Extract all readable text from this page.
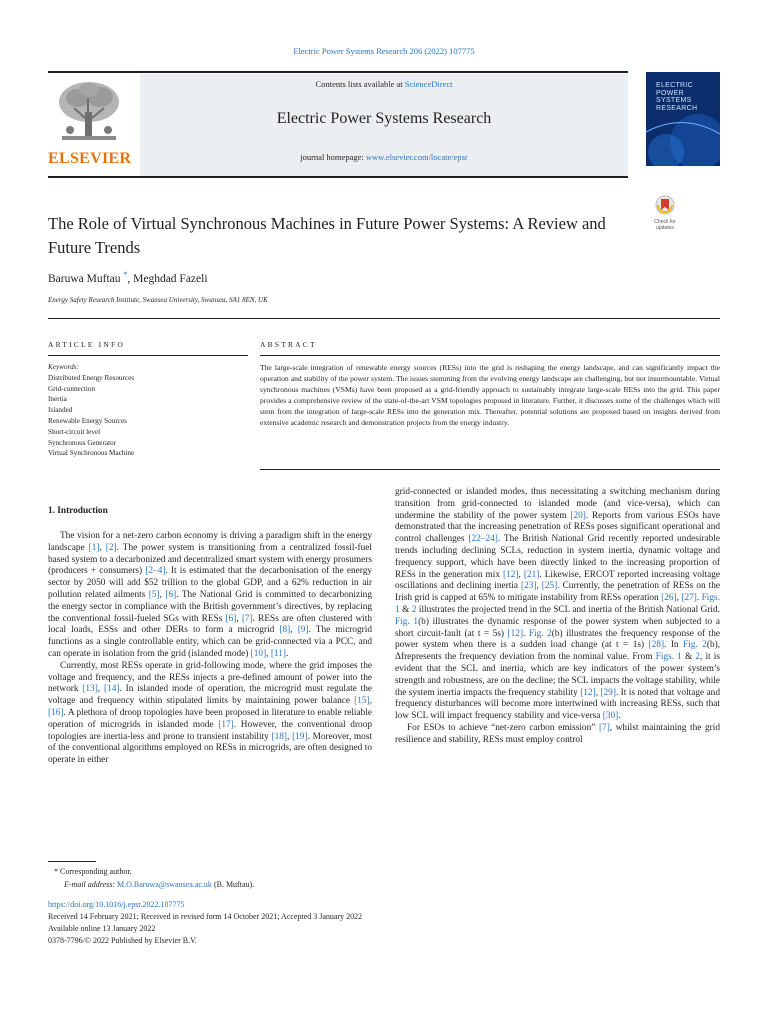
Electric Power Systems Research 206 (2022) 107775
ELSEVIER
Contents lists available at ScienceDirect
Electric Power Systems Research
journal homepage: www.elsevier.com/locate/epsr
ELECTRIC
POWER
SYSTEMS
RESEARCH
Check for
updates
The Role of Virtual Synchronous Machines in Future Power Systems: A Review and Future Trends
Baruwa Muftau *, Meghdad Fazeli
Energy Safety Research Institute, Swansea University, Swansea, SA1 8EN, UK
ARTICLE INFO
Keywords:
Distributed Energy Resources
Grid-connection
Inertia
Islanded
Renewable Energy Sources
Short-circuit level
Synchronous Generator
Virtual Synchronous Machine
ABSTRACT
The large-scale integration of renewable energy sources (RESs) into the grid is reshaping the energy landscape, and can significantly impact the operation and stability of the power system. The issues stemming from the evolving energy landscape are challenging, but not insurmountable. Virtual synchronous machines (VSMs) have been proposed as a grid-friendly approach to sustainably integrate large-scale RESs into the grid. This paper provides a comprehensive review of the state-of-the-art VSM topologies proposed in literature. Further, it discusses some of the challenges which will stem from the integration of large-scale RESs into the generation mix. Thereafter, potential solutions are proposed based on insights derived from extensive academic research and demonstration projects from the energy industry.
1. Introduction

The vision for a net-zero carbon economy is driving a paradigm shift in the energy landscape [1], [2]. The power system is transitioning from a centralized fossil-fuel based system to a decarbonized and decentralized smart system with energy prosumers (producers + consumers) [2–4]. It is estimated that the decarbonisation of the energy sector by 2050 will add $52 trillion to the global GDP, and a 62% reduction in air pollution related ailments [5], [6]. The National Grid is committed to decarbonizing the energy sector in compliance with the British government’s directives, by replacing the conventional fossil-fueled SGs with RESs [6], [7]. RESs are often clustered with local loads, ESSs and other DERs to form a microgrid [8], [9]. The microgrid functions as a single controllable entity, which can be grid-connected via a PCC, and can operate in isolation from the grid (islanded mode) [10], [11].

Currently, most RESs operate in grid-following mode, where the grid imposes the voltage and frequency, and the RESs injects a pre-defined amount of power into the network [13], [14]. In islanded mode of operation, the microgrid must regulate the voltage and frequency within stipulated limits by maintaining power balance [15], [16]. A plethora of droop topologies have been proposed in literature to enable reliable operation of microgrids in islanded mode [17]. However, the conventional droop topologies are inertia-less and prone to transient instability [18], [19]. Moreover, most of the conventional algorithms employed on RESs in microgrids, are often designed to operate in either

grid-connected or islanded modes, thus necessitating a switching mechanism during transition from grid-connected to islanded mode (and vice-versa), which can undermine the stability of the power system [20]. Reports from various ESOs have demonstrated that the increasing penetration of RESs poses significant operational and control challenges [22–24]. The British National Grid recently reported undesirable trends including declining SCLs, reduction in system inertia, dynamic voltage and frequency support, which have been directly linked to the increasing proportion of RESs in the generation mix [12], [21]. Likewise, ERCOT reported increasing voltage oscillations and declining inertia [23], [25]. Currently, the penetration of RESs on the Irish grid is capped at 65% to mitigate instability from RESs operation [26], [27]. Figs. 1 & 2 illustrates the projected trend in the SCL and inertia of the British National Grid. Fig. 1(b) illustrates the dynamic response of the power system when subjected to a short circuit-fault (at t = 5s) [12]. Fig. 2(b) illustrates the frequency response of the power system when there is a sudden load change (at t = 1s) [28]. In Fig. 2(b), Δfrepresents the frequency deviation from the nominal value. From Figs. 1 & 2, it is evident that the SCL and inertia, which are key indicators of the power system’s strength and robustness, are on the decline; the SCL impacts the voltage stability, while the system inertia impacts the frequency stability [12], [29]. It is noted that voltage and frequency disturbances will become more intertwined with increasing RESs, such that low SCL will impact frequency stability and vice-versa [30].

For ESOs to achieve “net-zero carbon emission” [7], whilst maintaining the grid resilience and stability, RESs must employ control

* Corresponding author.
E-mail address: M.O.Baruwa@swansea.ac.uk (B. Muftau).
https://doi.org/10.1016/j.epsr.2022.107775
Received 14 February 2021; Received in revised form 14 October 2021; Accepted 3 January 2022
Available online 13 January 2022
0378-7796/© 2022 Published by Elsevier B.V.
